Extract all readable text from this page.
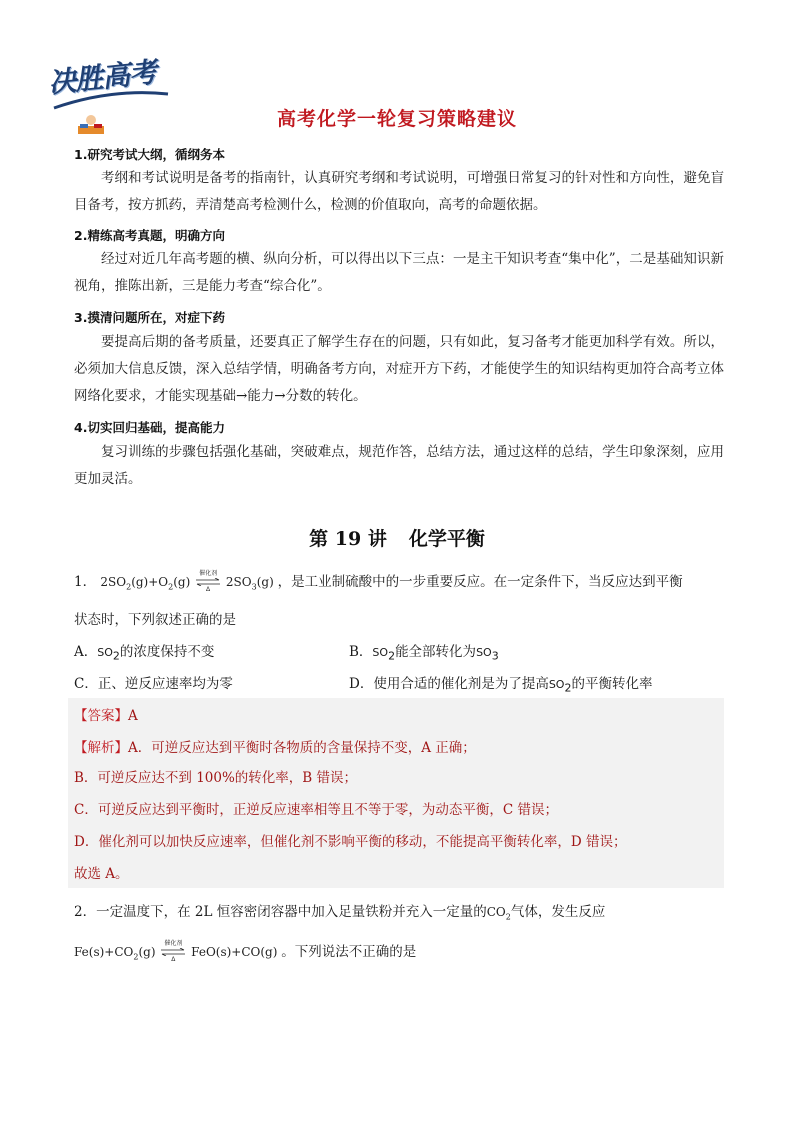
决胜高考
高考化学一轮复习策略建议
1.研究考试大纲，循纲务本
考纲和考试说明是备考的指南针，认真研究考纲和考试说明，可增强日常复习的针对性和方向性，避免盲目备考，按方抓药，弄清楚高考检测什么，检测的价值取向，高考的命题依据。
2.精练高考真题，明确方向
经过对近几年高考题的横、纵向分析，可以得出以下三点：一是主干知识考查“集中化”，二是基础知识新视角，推陈出新，三是能力考查“综合化”。
3.摸清问题所在，对症下药
要提高后期的备考质量，还要真正了解学生存在的问题，只有如此，复习备考才能更加科学有效。所以，必须加大信息反馈，深入总结学情，明确备考方向，对症开方下药，才能使学生的知识结构更加符合高考立体网络化要求，才能实现基础→能力→分数的转化。
4.切实回归基础，提高能力
复习训练的步骤包括强化基础，突破难点，规范作答，总结方法，通过这样的总结，学生印象深刻，应用更加灵活。
第 19 讲 化学平衡
1． $2SO_2(g)+O_2(g)$
催化剂
Δ	$2SO_3(g)$ ，是工业制硫酸中的一步重要反应。在一定条件下，当反应达到平衡
状态时，下列叙述正确的是
A．$SO_2$的浓度保持不变	B．$SO_2$能全部转化为$SO_3$
C．正、逆反应速率均为零	D．使用合适的催化剂是为了提高$SO_2$的平衡转化率
【答案】A
【解析】A．可逆反应达到平衡时各物质的含量保持不变，A 正确；
B．可逆反应达不到 100%的转化率，B 错误；
C．可逆反应达到平衡时，正逆反应速率相等且不等于零，为动态平衡，C 错误；
D．催化剂可以加快反应速率，但催化剂不影响平衡的移动，不能提高平衡转化率，D 错误；
故选 A。
2．一定温度下，在 2L 恒容密闭容器中加入足量铁粉并充入一定量的$CO_2$气体，发生反应
$Fe(s)+CO_2(g)$
催化剂
Δ	FeO(s)+CO(g) 。下列说法不正确的是
